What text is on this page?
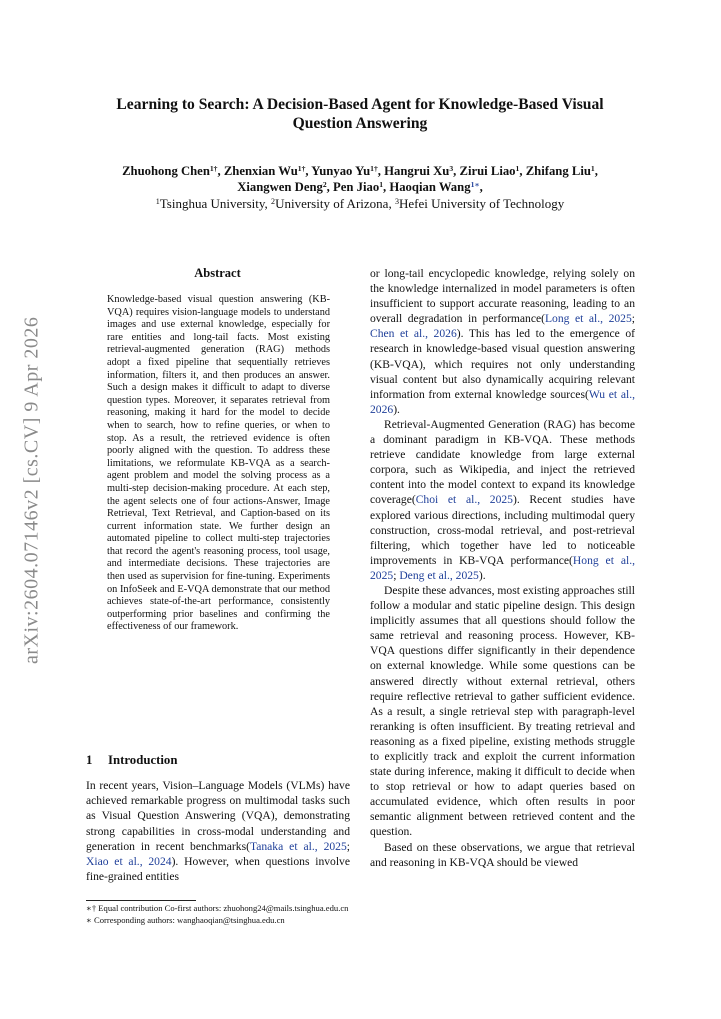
arXiv:2604.07146v2 [cs.CV] 9 Apr 2026
Learning to Search: A Decision-Based Agent for Knowledge-Based Visual
Question Answering
Zhuohong Chen$^{1\dagger}$, Zhenxian $Wu^{1\dagger}$, Yunyao $Yu^{1\dagger}$, Hangrui Xu$^3$, Zirui Liao$^1$, Zhifang Liu$^1$,
Xiangwen Deng$^2$, Pen Jiao$^1$, Haoqian Wang$^{1∗}$,
$^1$Tsinghua University, $^2$University of Arizona, $^3$Hefei University of Technology
Abstract
Knowledge-based visual question answering (KB-VQA) requires vision-language models to understand images and use external knowledge, especially for rare entities and long-tail facts. Most existing retrieval-augmented generation (RAG) methods adopt a fixed pipeline that sequentially retrieves information, filters it, and then produces an answer. Such a design makes it difficult to adapt to diverse question types. Moreover, it separates retrieval from reasoning, making it hard for the model to decide when to search, how to refine queries, or when to stop. As a result, the retrieved evidence is often poorly aligned with the question. To address these limitations, we reformulate KB-VQA as a search-agent problem and model the solving process as a multi-step decision-making procedure. At each step, the agent selects one of four actions-Answer, Image Retrieval, Text Retrieval, and Caption-based on its current information state. We further design an automated pipeline to collect multi-step trajectories that record the agent's reasoning process, tool usage, and intermediate decisions. These trajectories are then used as supervision for fine-tuning. Experiments on InfoSeek and E-VQA demonstrate that our method achieves state-of-the-art performance, consistently outperforming prior baselines and confirming the effectiveness of our framework.
1 Introduction
In recent years, Vision–Language Models (VLMs) have achieved remarkable progress on multimodal tasks such as Visual Question Answering (VQA), demonstrating strong capabilities in cross-modal understanding and generation in recent benchmarks(Tanaka et al., 2025; Xiao et al., 2024). However, when questions involve fine-grained entities

∗† Equal contribution Co-first authors: zhuohong24@mails.tsinghua.edu.cn

∗ Corresponding authors: wanghaoqian@tsinghua.edu.cn

or long-tail encyclopedic knowledge, relying solely on the knowledge internalized in model parameters is often insufficient to support accurate reasoning, leading to an overall degradation in performance(Long et al., 2025; Chen et al., 2026). This has led to the emergence of research in knowledge-based visual question answering (KB-VQA), which requires not only understanding visual content but also dynamically acquiring relevant information from external knowledge sources(Wu et al., 2026).

Retrieval-Augmented Generation (RAG) has become a dominant paradigm in KB-VQA. These methods retrieve candidate knowledge from large external corpora, such as Wikipedia, and inject the retrieved content into the model context to expand its knowledge coverage(Choi et al., 2025). Recent studies have explored various directions, including multimodal query construction, cross-modal retrieval, and post-retrieval filtering, which together have led to noticeable improvements in KB-VQA performance(Hong et al., 2025; Deng et al., 2025).

Despite these advances, most existing approaches still follow a modular and static pipeline design. This design implicitly assumes that all questions should follow the same retrieval and reasoning process. However, KB-VQA questions differ significantly in their dependence on external knowledge. While some questions can be answered directly without external retrieval, others require reflective retrieval to gather sufficient evidence. As a result, a single retrieval step with paragraph-level reranking is often insufficient. By treating retrieval and reasoning as a fixed pipeline, existing methods struggle to explicitly track and exploit the current information state during inference, making it difficult to decide when to stop retrieval or how to adapt queries based on accumulated evidence, which often results in poor semantic alignment between retrieved content and the question.

Based on these observations, we argue that retrieval and reasoning in KB-VQA should be viewed
